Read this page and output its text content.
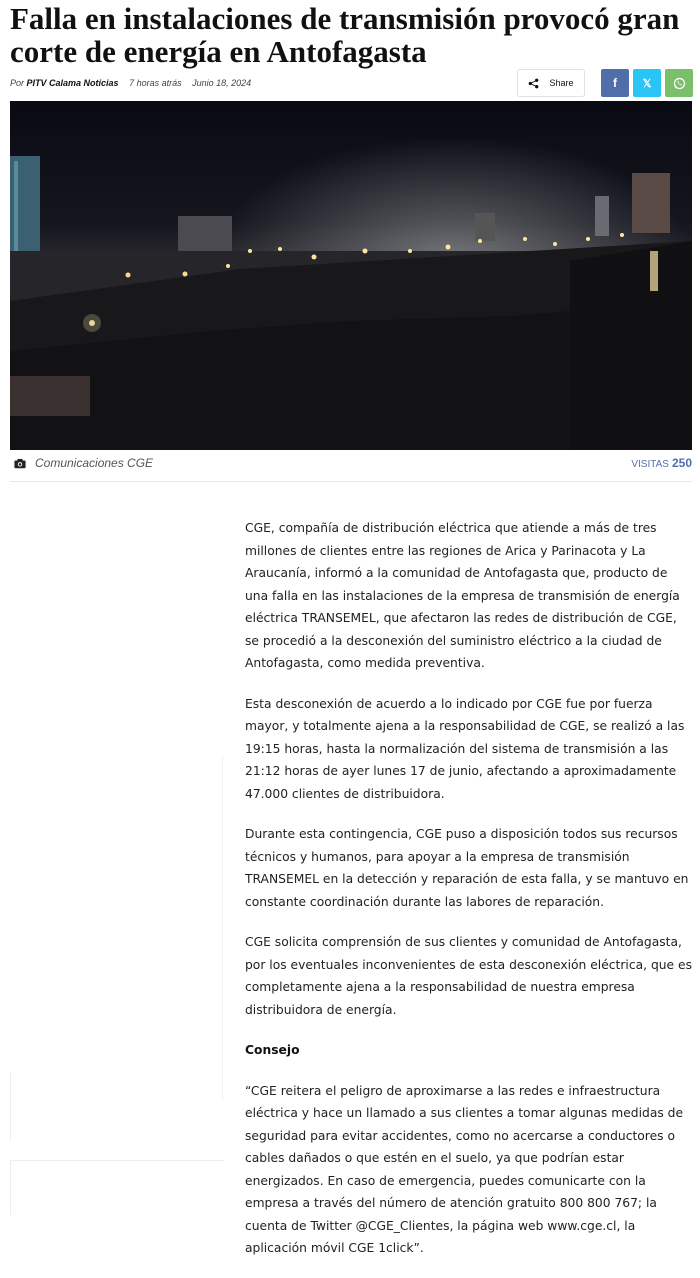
Falla en instalaciones de transmisión provocó gran corte de energía en Antofagasta
Por PITV Calama Noticias 7 horas atrás Junio 18, 2024	Share	f 𝕏
Comunicaciones CGE	VISITAS 250

CGE, compañía de distribución eléctrica que atiende a más de tres millones de clientes entre las regiones de Arica y Parinacota y La Araucanía, informó a la comunidad de Antofagasta que, producto de una falla en las instalaciones de la empresa de transmisión de energía eléctrica TRANSEMEL, que afectaron las redes de distribución de CGE, se procedió a la desconexión del suministro eléctrico a la ciudad de Antofagasta, como medida preventiva.

Esta desconexión de acuerdo a lo indicado por CGE fue por fuerza mayor, y totalmente ajena a la responsabilidad de CGE, se realizó a las 19:15 horas, hasta la normalización del sistema de transmisión a las 21:12 horas de ayer lunes 17 de junio, afectando a aproximadamente 47.000 clientes de distribuidora.

Durante esta contingencia, CGE puso a disposición todos sus recursos técnicos y humanos, para apoyar a la empresa de transmisión TRANSEMEL en la detección y reparación de esta falla, y se mantuvo en constante coordinación durante las labores de reparación.

CGE solicita comprensión de sus clientes y comunidad de Antofagasta, por los eventuales inconvenientes de esta desconexión eléctrica, que es completamente ajena a la responsabilidad de nuestra empresa distribuidora de energía.

Consejo

“CGE reitera el peligro de aproximarse a las redes e infraestructura eléctrica y hace un llamado a sus clientes a tomar algunas medidas de seguridad para evitar accidentes, como no acercarse a conductores o cables dañados o que estén en el suelo, ya que podrían estar energizados. En caso de emergencia, puedes comunicarte con la empresa a través del número de atención gratuito 800 800 767; la cuenta de Twitter @CGE_Clientes, la página web www.cge.cl, la aplicación móvil CGE 1click”.
